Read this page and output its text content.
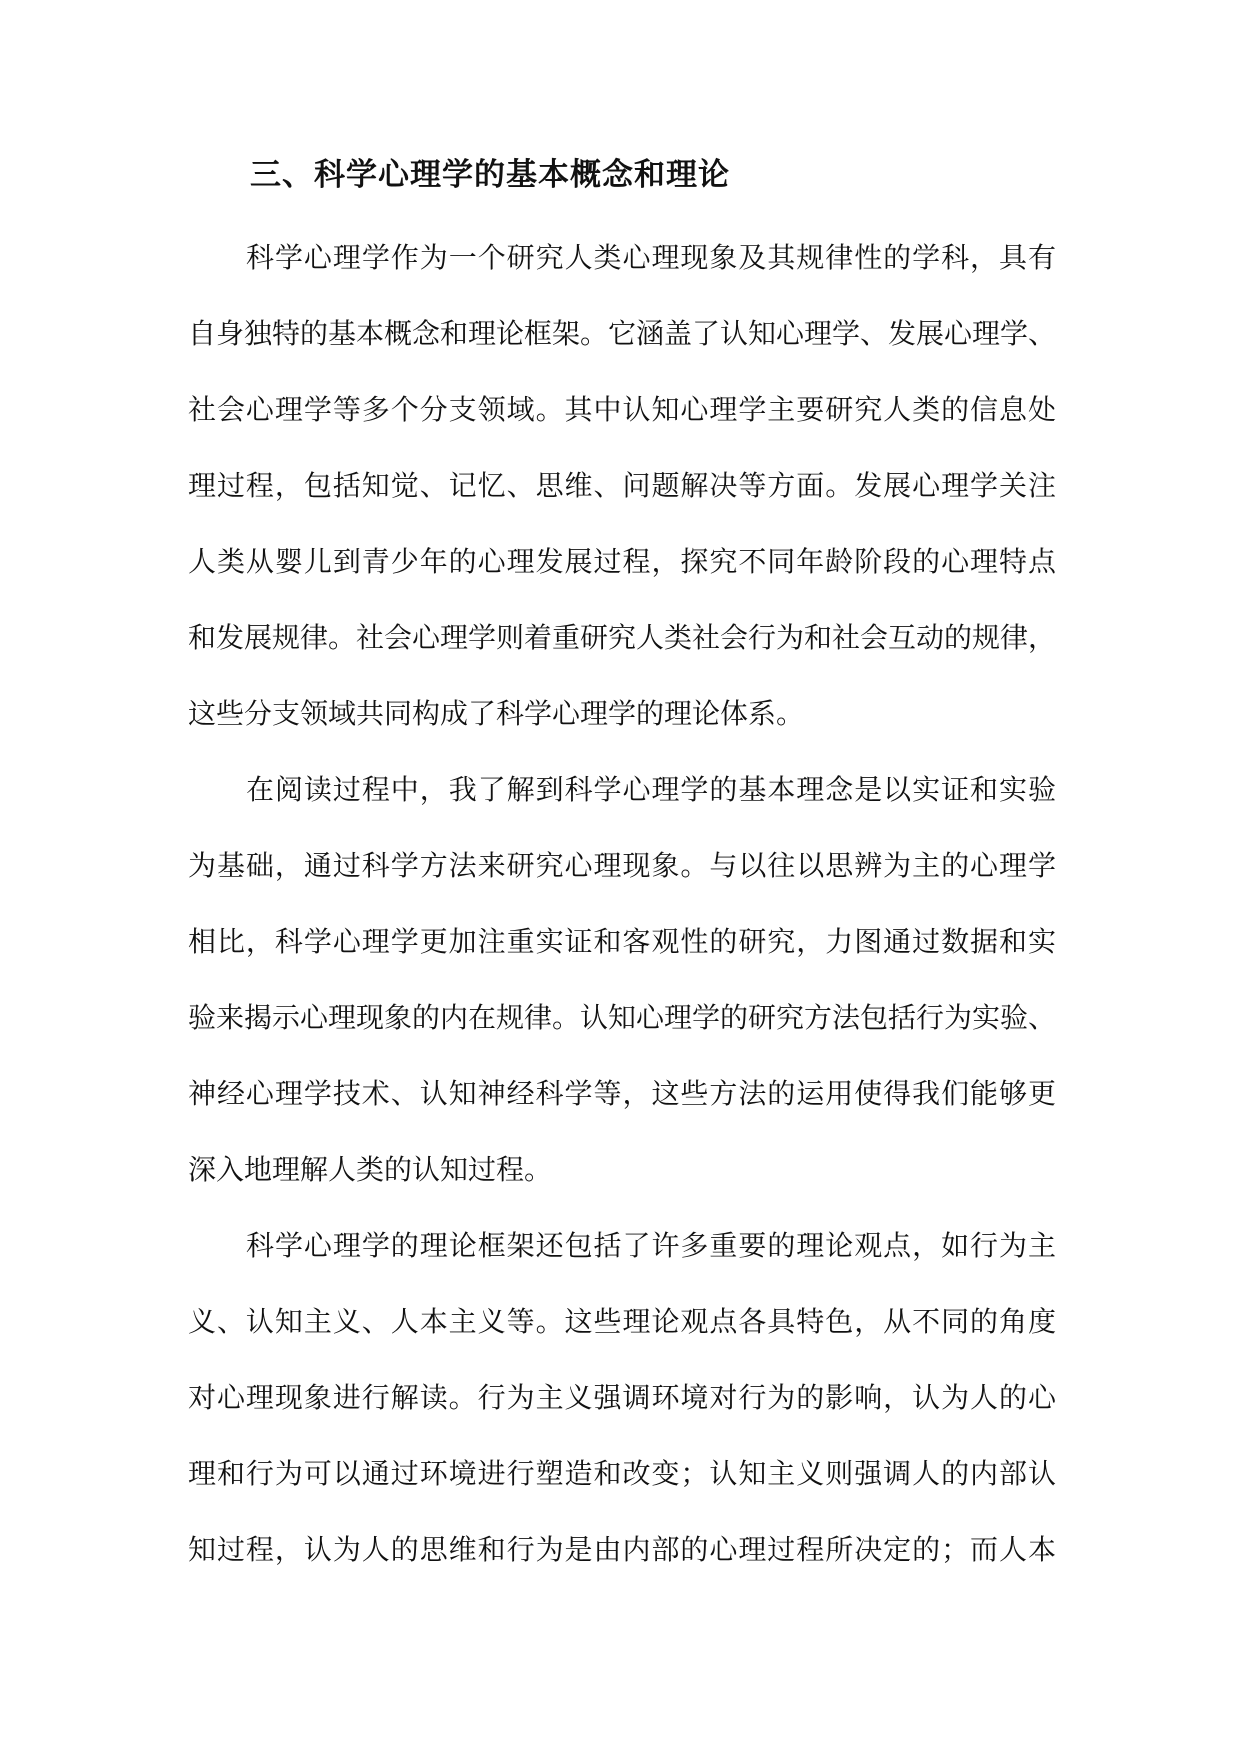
三、科学心理学的基本概念和理论
科学心理学作为一个研究人类心理现象及其规律性的学科，具有
自身独特的基本概念和理论框架。它涵盖了认知心理学、发展心理学、
社会心理学等多个分支领域。其中认知心理学主要研究人类的信息处
理过程，包括知觉、记忆、思维、问题解决等方面。发展心理学关注
人类从婴儿到青少年的心理发展过程，探究不同年龄阶段的心理特点
和发展规律。社会心理学则着重研究人类社会行为和社会互动的规律，
这些分支领域共同构成了科学心理学的理论体系。
在阅读过程中，我了解到科学心理学的基本理念是以实证和实验
为基础，通过科学方法来研究心理现象。与以往以思辨为主的心理学
相比，科学心理学更加注重实证和客观性的研究，力图通过数据和实
验来揭示心理现象的内在规律。认知心理学的研究方法包括行为实验、
神经心理学技术、认知神经科学等，这些方法的运用使得我们能够更
深入地理解人类的认知过程。
科学心理学的理论框架还包括了许多重要的理论观点，如行为主
义、认知主义、人本主义等。这些理论观点各具特色，从不同的角度
对心理现象进行解读。行为主义强调环境对行为的影响，认为人的心
理和行为可以通过环境进行塑造和改变；认知主义则强调人的内部认
知过程，认为人的思维和行为是由内部的心理过程所决定的；而人本
